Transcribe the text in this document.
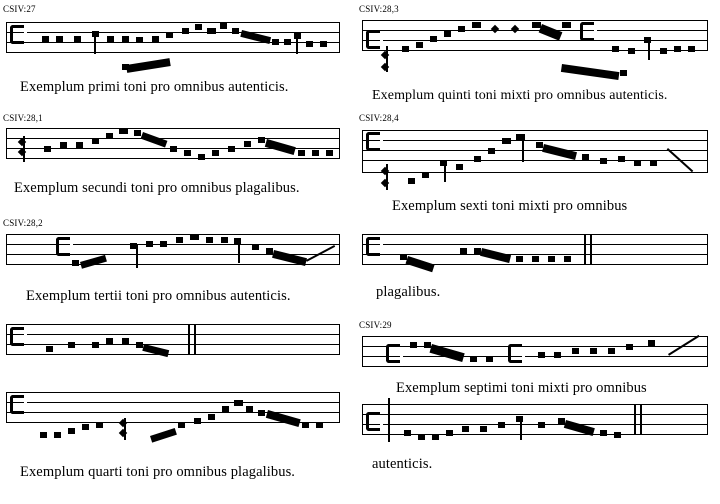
CSIV:27
Exemplum primi toni pro omnibus autenticis.
CSIV:28,1
Exemplum secundi toni pro omnibus plagalibus.
CSIV:28,2
Exemplum tertii toni pro omnibus autenticis.
Exemplum quarti toni pro omnibus plagalibus.
CSIV:28,3
Exemplum quinti toni mixti pro omnibus autenticis.
CSIV:28,4
Exemplum sexti toni mixti pro omnibus
plagalibus.
CSIV:29
Exemplum septimi toni mixti pro omnibus
autenticis.
